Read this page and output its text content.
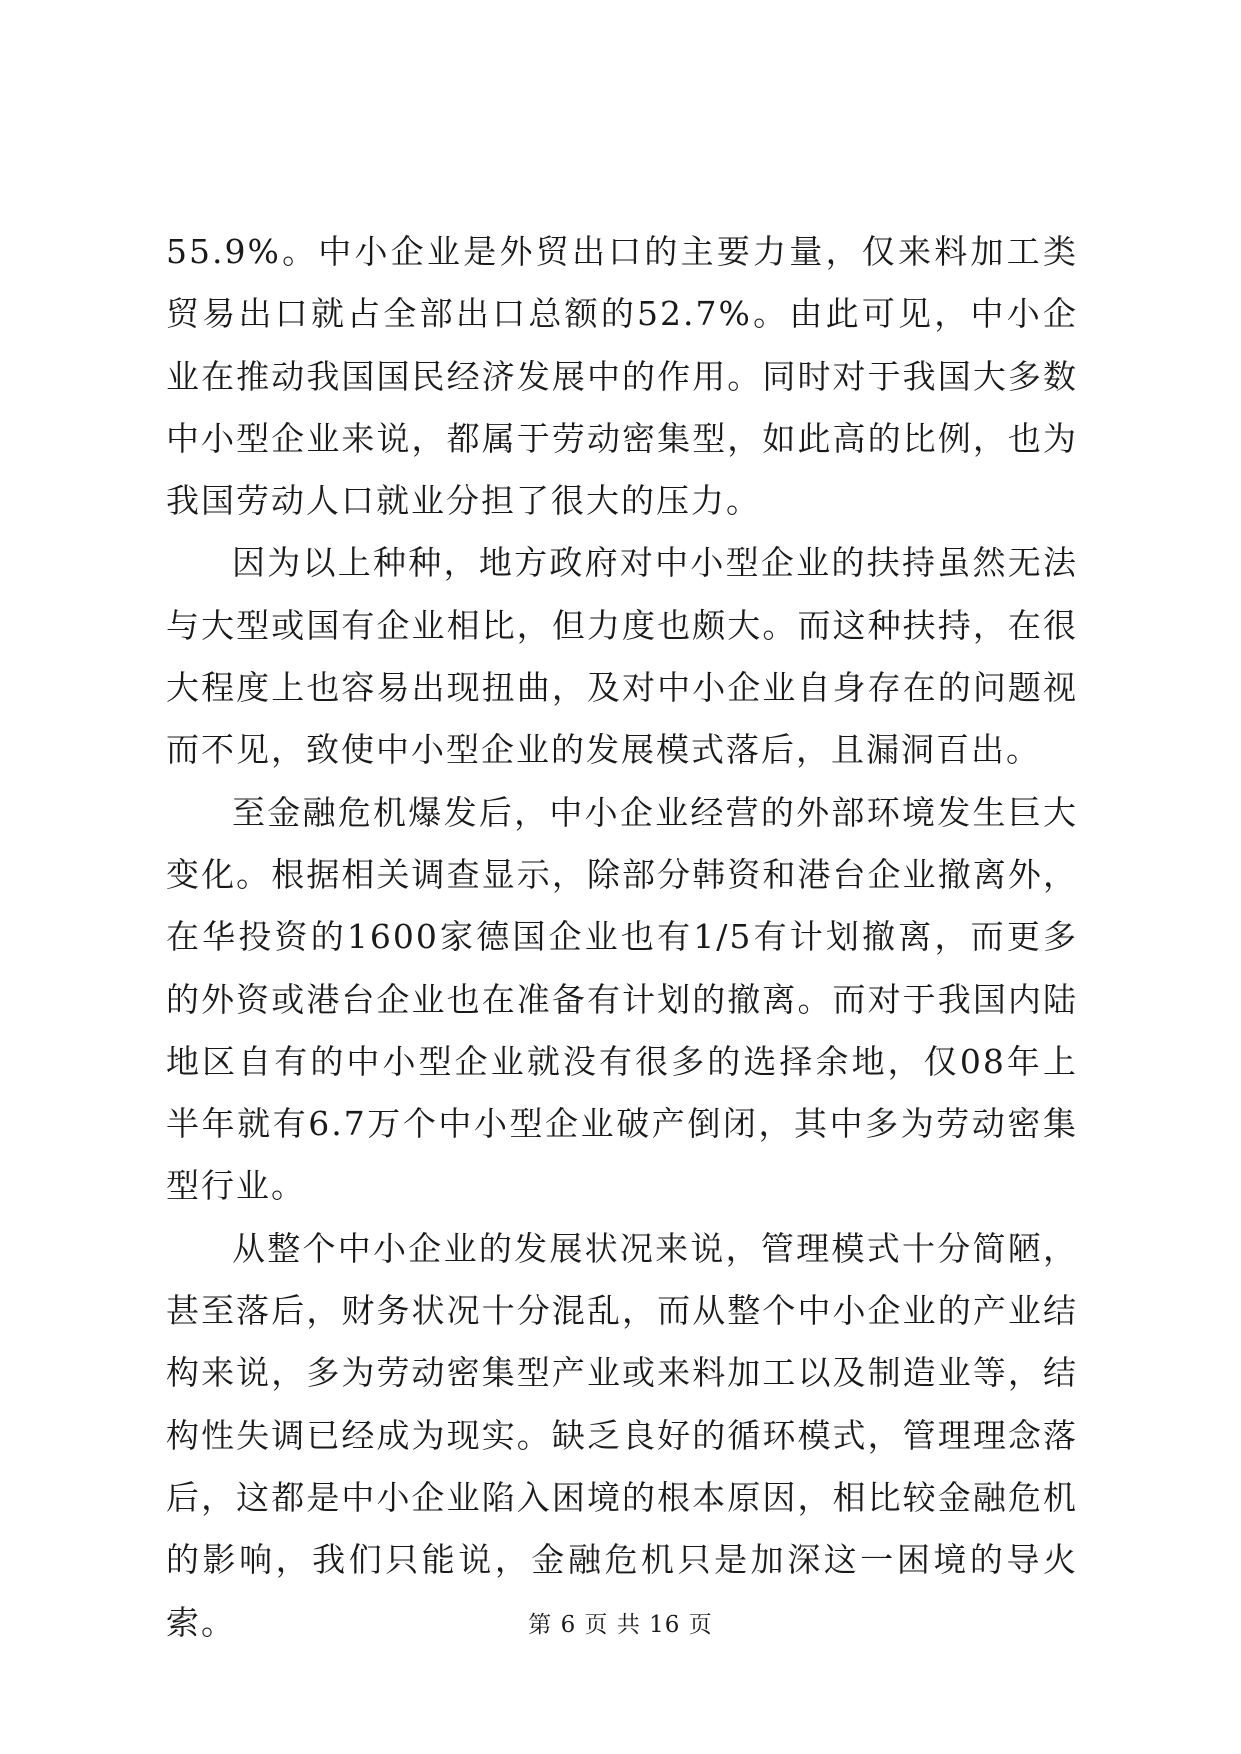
55.9%。中小企业是外贸出口的主要力量，仅来料加工类贸易出口就占全部出口总额的52.7%。由此可见，中小企业在推动我国国民经济发展中的作用。同时对于我国大多数中小型企业来说，都属于劳动密集型，如此高的比例，也为我国劳动人口就业分担了很大的压力。

因为以上种种，地方政府对中小型企业的扶持虽然无法与大型或国有企业相比，但力度也颇大。而这种扶持，在很大程度上也容易出现扭曲，及对中小企业自身存在的问题视而不见，致使中小型企业的发展模式落后，且漏洞百出。

至金融危机爆发后，中小企业经营的外部环境发生巨大变化。根据相关调查显示，除部分韩资和港台企业撤离外，在华投资的1600家德国企业也有1/5有计划撤离，而更多的外资或港台企业也在准备有计划的撤离。而对于我国内陆地区自有的中小型企业就没有很多的选择余地，仅08年上半年就有6.7万个中小型企业破产倒闭，其中多为劳动密集型行业。

从整个中小企业的发展状况来说，管理模式十分简陋，甚至落后，财务状况十分混乱，而从整个中小企业的产业结构来说，多为劳动密集型产业或来料加工以及制造业等，结构性失调已经成为现实。缺乏良好的循环模式，管理理念落后，这都是中小企业陷入困境的根本原因，相比较金融危机的影响，我们只能说，金融危机只是加深这一困境的导火索。	第 6 页 共 16 页
